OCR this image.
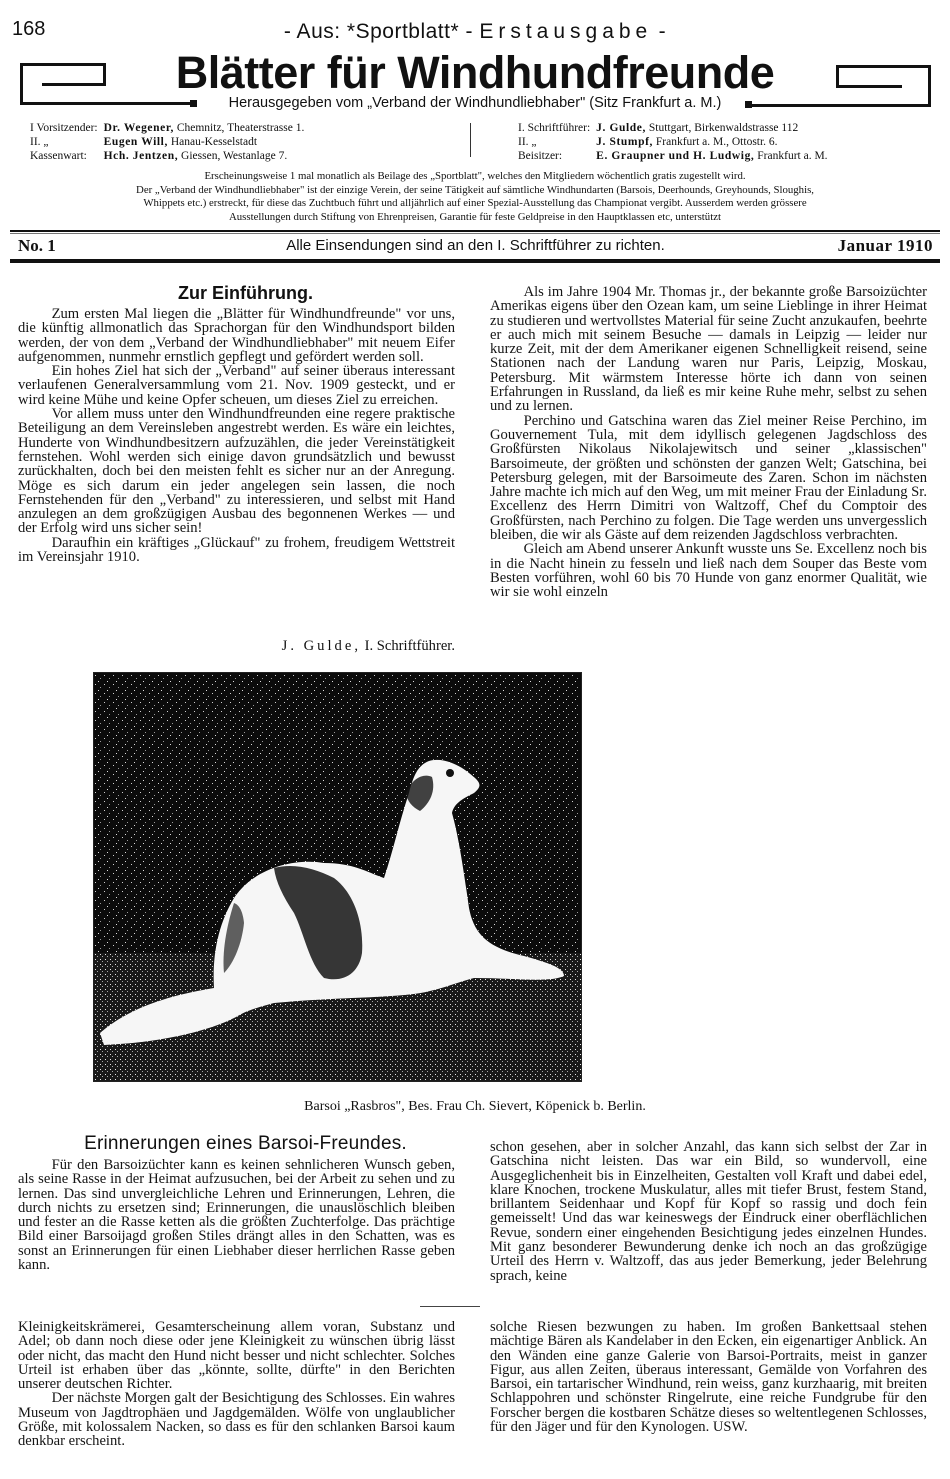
168	- Aus: *Sportblatt* - Erstausgabe -
Blätter für Windhundfreunde
Herausgegeben vom „Verband der Windhundliebhaber" (Sitz Frankfurt a. M.)
I Vorsitzender:	Dr. Wegener, Chemnitz, Theaterstrasse 1.
II. „	Eugen Will, Hanau-Kesselstadt
Kassenwart:	Hch. Jentzen, Giessen, Westanlage 7.
I. Schriftführer:	J. Gulde, Stuttgart, Birkenwaldstrasse 112
II. „	J. Stumpf, Frankfurt a. M., Ottostr. 6.
Beisitzer:	E. Graupner und H. Ludwig, Frankfurt a. M.
Erscheinungsweise 1 mal monatlich als Beilage des „Sportblatt", welches den Mitgliedern wöchentlich gratis zugestellt wird.
Der „Verband der Windhundliebhaber" ist der einzige Verein, der seine Tätigkeit auf sämtliche Windhundarten (Barsois, Deerhounds, Greyhounds, Sloughis,
Whippets etc.) erstreckt, für diese das Zuchtbuch führt und alljährlich auf einer Spezial-Ausstellung das Championat vergibt. Ausserdem werden grössere
Ausstellungen durch Stiftung von Ehrenpreisen, Garantie für feste Geldpreise in den Hauptklassen etc, unterstützt
Alle Einsendungen sind an den I. Schriftführer zu richten.
No. 1	Januar 1910
Zur Einführung.

Zum ersten Mal liegen die „Blätter für Windhundfreunde" vor uns, die künftig allmonatlich das Sprachorgan für den Windhundsport bilden werden, der von dem „Verband der Windhundliebhaber" mit neuem Eifer aufgenommen, nunmehr ernstlich gepflegt und gefördert werden soll.

Ein hohes Ziel hat sich der „Verband" auf seiner überaus interessant verlaufenen Generalversammlung vom 21. Nov. 1909 gesteckt, und er wird keine Mühe und keine Opfer scheuen, um dieses Ziel zu erreichen.

Vor allem muss unter den Windhundfreunden eine regere praktische Beteiligung an dem Vereinsleben angestrebt werden. Es wäre ein leichtes, Hunderte von Windhundbesitzern aufzuzählen, die jeder Vereinstätigkeit fernstehen. Wohl werden sich einige davon grundsätzlich und bewusst zurückhalten, doch bei den meisten fehlt es sicher nur an der Anregung. Möge es sich darum ein jeder angelegen sein lassen, die noch Fernstehenden für den „Verband" zu interessieren, und selbst mit Hand anzulegen an dem großzügigen Ausbau des begonnenen Werkes — und der Erfolg wird uns sicher sein!

Daraufhin ein kräftiges „Glückauf" zu frohem, freudigem Wettstreit im Vereinsjahr 1910.

J. Gulde, I. Schriftführer.

Als im Jahre 1904 Mr. Thomas jr., der bekannte große Barsoizüchter Amerikas eigens über den Ozean kam, um seine Lieblinge in ihrer Heimat zu studieren und wertvollstes Material für seine Zucht anzukaufen, beehrte er auch mich mit seinem Besuche — damals in Leipzig — leider nur kurze Zeit, mit der dem Amerikaner eigenen Schnelligkeit reisend, seine Stationen nach der Landung waren nur Paris, Leipzig, Moskau, Petersburg. Mit wärmstem Interesse hörte ich dann von seinen Erfahrungen in Russland, da ließ es mir keine Ruhe mehr, selbst zu sehen und zu lernen.

Perchino und Gatschina waren das Ziel meiner Reise Perchino, im Gouvernement Tula, mit dem idyllisch gelegenen Jagdschloss des Großfürsten Nikolaus Nikolajewitsch und seiner „klassischen" Barsoimeute, der größten und schönsten der ganzen Welt; Gatschina, bei Petersburg gelegen, mit der Barsoimeute des Zaren. Schon im nächsten Jahre machte ich mich auf den Weg, um mit meiner Frau der Einladung Sr. Excellenz des Herrn Dimitri von Waltzoff, Chef du Comptoir des Großfürsten, nach Perchino zu folgen. Die Tage werden uns unvergesslich bleiben, die wir als Gäste auf dem reizenden Jagdschloss verbrachten.

Gleich am Abend unserer Ankunft wusste uns Se. Excellenz noch bis in die Nacht hinein zu fesseln und ließ nach dem Souper das Beste vom Besten vorführen, wohl 60 bis 70 Hunde von ganz enormer Qualität, wie wir sie wohl einzeln

Barsoi „Rasbros", Bes. Frau Ch. Sievert, Köpenick b. Berlin.
Erinnerungen eines Barsoi-Freundes.

Für den Barsoizüchter kann es keinen sehnlicheren Wunsch geben, als seine Rasse in der Heimat aufzusuchen, bei der Arbeit zu sehen und zu lernen. Das sind unvergleichliche Lehren und Erinnerungen, Lehren, die durch nichts zu ersetzen sind; Erinnerungen, die unauslöschlich bleiben und fester an die Rasse ketten als die größten Zuchterfolge. Das prächtige Bild einer Barsoijagd großen Stiles drängt alles in den Schatten, was es sonst an Erinnerungen für einen Liebhaber dieser herrlichen Rasse geben kann.

schon gesehen, aber in solcher Anzahl, das kann sich selbst der Zar in Gatschina nicht leisten. Das war ein Bild, so wundervoll, eine Ausgeglichenheit bis in Einzelheiten, Gestalten voll Kraft und dabei edel, klare Knochen, trockene Muskulatur, alles mit tiefer Brust, festem Stand, brillantem Seidenhaar und Kopf für Kopf so rassig und doch fein gemeisselt! Und das war keineswegs der Eindruck einer oberflächlichen Revue, sondern einer eingehenden Besichtigung jedes einzelnen Hundes. Mit ganz besonderer Bewunderung denke ich noch an das großzügige Urteil des Herrn v. Waltzoff, das aus jeder Bemerkung, jeder Belehrung sprach, keine

Kleinigkeitskrämerei, Gesamterscheinung allem voran, Substanz und Adel; ob dann noch diese oder jene Kleinigkeit zu wünschen übrig lässt oder nicht, das macht den Hund nicht besser und nicht schlechter. Solches Urteil ist erhaben über das „könnte, sollte, dürfte" in den Berichten unserer deutschen Richter.

Der nächste Morgen galt der Besichtigung des Schlosses. Ein wahres Museum von Jagdtrophäen und Jagdgemälden. Wölfe von unglaublicher Größe, mit kolossalem Nacken, so dass es für den schlanken Barsoi kaum denkbar erscheint.

solche Riesen bezwungen zu haben. Im großen Bankettsaal stehen mächtige Bären als Kandelaber in den Ecken, ein eigenartiger Anblick. An den Wänden eine ganze Galerie von Barsoi-Portraits, meist in ganzer Figur, aus allen Zeiten, überaus interessant, Gemälde von Vorfahren des Barsoi, ein tartarischer Windhund, rein weiss, ganz kurzhaarig, mit breiten Schlappohren und schönster Ringelrute, eine reiche Fundgrube für den Forscher bergen die kostbaren Schätze dieses so weltentlegenen Schlosses, für den Jäger und für den Kynologen. USW.
